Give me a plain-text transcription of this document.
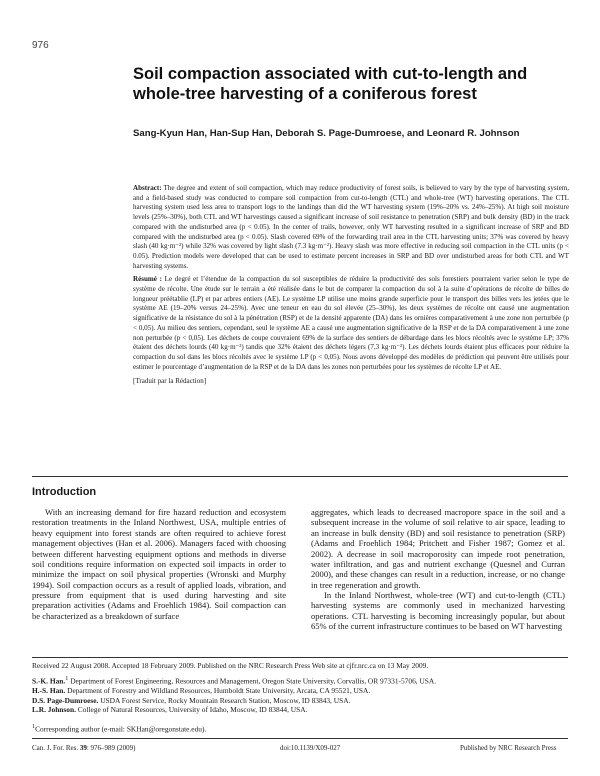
976
Soil compaction associated with cut-to-length and whole-tree harvesting of a coniferous forest
Sang-Kyun Han, Han-Sup Han, Deborah S. Page-Dumroese, and Leonard R. Johnson

Abstract: The degree and extent of soil compaction, which may reduce productivity of forest soils, is believed to vary by the type of harvesting system, and a field-based study was conducted to compare soil compaction from cut-to-length (CTL) and whole-tree (WT) harvesting operations. The CTL harvesting system used less area to transport logs to the landings than did the WT harvesting system (19%–20% vs. 24%–25%). At high soil moisture levels (25%–30%), both CTL and WT harvestings caused a significant increase of soil resistance to penetration (SRP) and bulk density (BD) in the track compared with the undisturbed area (p < 0.05). In the center of trails, however, only WT harvesting resulted in a significant increase of SRP and BD compared with the undisturbed area (p < 0.05). Slash covered 69% of the forwarding trail area in the CTL harvesting units; 37% was covered by heavy slash (40 kg·m⁻²) while 32% was covered by light slash (7.3 kg·m⁻²). Heavy slash was more effective in reducing soil compaction in the CTL units (p < 0.05). Prediction models were developed that can be used to estimate percent increases in SRP and BD over undisturbed areas for both CTL and WT harvesting systems.

Résumé : Le degré et l’étendue de la compaction du sol susceptibles de réduire la productivité des sols forestiers pourraient varier selon le type de système de récolte. Une étude sur le terrain a été réalisée dans le but de comparer la compaction du sol à la suite d’opérations de récolte de billes de longueur préétablie (LP) et par arbres entiers (AE). Le système LP utilise une moins grande superficie pour le transport des billes vers les jetées que le système AE (19–20% versus 24–25%). Avec une teneur en eau du sol élevée (25–30%), les deux systèmes de récolte ont causé une augmentation significative de la résistance du sol à la pénétration (RSP) et de la densité apparente (DA) dans les ornières comparativement à une zone non perturbée (p < 0,05). Au milieu des sentiers, cependant, seul le système AE a causé une augmentation significative de la RSP et de la DA comparativement à une zone non perturbée (p < 0,05). Les déchets de coupe couvraient 69% de la surface des sentiers de débardage dans les blocs récoltés avec le système LP; 37% étaient des déchets lourds (40 kg·m⁻²) tandis que 32% étaient des déchets légers (7,3 kg·m⁻²). Les déchets lourds étaient plus efficaces pour réduire la compaction du sol dans les blocs récoltés avec le système LP (p < 0,05). Nous avons développé des modèles de prédiction qui peuvent être utilisés pour estimer le pourcentage d’augmentation de la RSP et de la DA dans les zones non perturbées pour les systèmes de récolte LP et AE.

[Traduit par la Rédaction]

Introduction

With an increasing demand for fire hazard reduction and ecosystem restoration treatments in the Inland Northwest, USA, multiple entries of heavy equipment into forest stands are often required to achieve forest management objectives (Han et al. 2006). Managers faced with choosing between different harvesting equipment options and methods in diverse soil conditions require information on expected soil impacts in order to minimize the impact on soil physical properties (Wronski and Murphy 1994). Soil compaction occurs as a result of applied loads, vibration, and pressure from equipment that is used during harvesting and site preparation activities (Adams and Froehlich 1984). Soil compaction can be characterized as a breakdown of surface

aggregates, which leads to decreased macropore space in the soil and a subsequent increase in the volume of soil relative to air space, leading to an increase in bulk density (BD) and soil resistance to penetration (SRP) (Adams and Froehlich 1984; Pritchett and Fisher 1987; Gomez et al. 2002). A decrease in soil macroporosity can impede root penetration, water infiltration, and gas and nutrient exchange (Quesnel and Curran 2000), and these changes can result in a reduction, increase, or no change in tree regeneration and growth.

In the Inland Northwest, whole-tree (WT) and cut-to-length (CTL) harvesting systems are commonly used in mechanized harvesting operations. CTL harvesting is becoming increasingly popular, but about 65% of the current infrastructure continues to be based on WT harvesting

Received 22 August 2008. Accepted 18 February 2009. Published on the NRC Research Press Web site at cjfr.nrc.ca on 13 May 2009.

S.-K. Han.$^1$ Department of Forest Engineering, Resources and Management, Oregon State University, Corvallis, OR 97331-5706, USA.

H.-S. Han. Department of Forestry and Wildland Resources, Humboldt State University, Arcata, CA 95521, USA.

D.S. Page-Dumroese. USDA Forest Service, Rocky Mountain Research Station, Moscow, ID 83843, USA.

L.R. Johnson. College of Natural Resources, University of Idaho, Moscow, ID 83844, USA.

$^1$Corresponding author (e-mail: SKHan@oregonstate.edu).
Can. J. For. Res. 39: 976–989 (2009)	doi:10.1139/X09-027	Published by NRC Research Press
